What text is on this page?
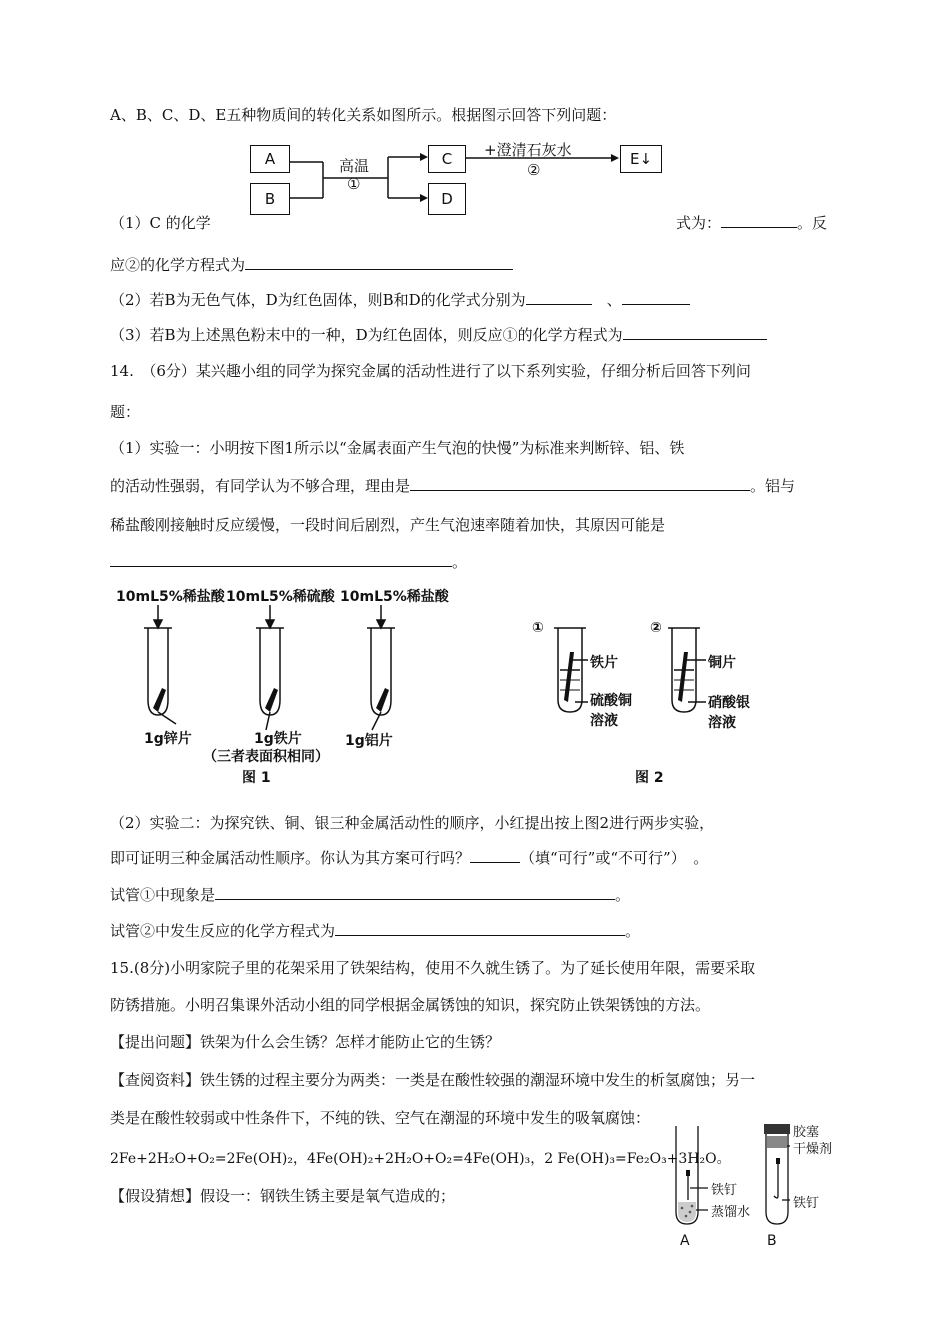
A、B、C、D、E五种物质间的转化关系如图所示。根据图示回答下列问题：
A
B
C
D
E↓
高温
①
+澄清石灰水
②
（1）C 的化学	式为：	。反
应②的化学方程式为
（2）若B为无色气体，D为红色固体，则B和D的化学式分别为　	、
（3）若B为上述黑色粉末中的一种，D为红色固体，则反应①的化学方程式为
14.　（6分）某兴趣小组的同学为探究金属的活动性进行了以下系列实验，仔细分析后回答下列问
题：
（1）实验一：小明按下图1所示以“金属表面产生气泡的快慢”为标准来判断锌、铝、铁
的活动性强弱，有同学认为不够合理，理由是	。铝与
稀盐酸刚接触时反应缓慢，一段时间后剧烈，产生气泡速率随着加快，其原因可能是
。
10mL5%稀盐酸 10mL5%稀硫酸 10mL5%稀盐酸
1g锌片	1g铁片	1g铝片
（三者表面积相同）
图 1
①	②
铁片
硫酸铜
溶液
铜片
硝酸银
溶液
图 2
（2）实验二：为探究铁、铜、银三种金属活动性的顺序，小红提出按上图2进行两步实验，
即可证明三种金属活动性顺序。你认为其方案可行吗？	（填“可行”或“不可行”）　。
试管①中现象是	。
试管②中发生反应的化学方程式为	。
15.(8分)小明家院子里的花架采用了铁架结构，使用不久就生锈了。为了延长使用年限，需要采取
防锈措施。小明召集课外活动小组的同学根据金属锈蚀的知识，探究防止铁架锈蚀的方法。
【提出问题】铁架为什么会生锈？怎样才能防止它的生锈？
【查阅资料】铁生锈的过程主要分为两类：一类是在酸性较强的潮湿环境中发生的析氢腐蚀；另一
类是在酸性较弱或中性条件下，不纯的铁、空气在潮湿的环境中发生的吸氧腐蚀：
2Fe+2H₂O+O₂=2Fe(OH)₂，4Fe(OH)₂+2H₂O+O₂=4Fe(OH)₃，2 Fe(OH)₃=Fe₂O₃+3H₂O。
【假设猜想】假设一：钢铁生锈主要是氧气造成的；	铁钉
蒸馏水
A
胶塞
干燥剂
铁钉
B
